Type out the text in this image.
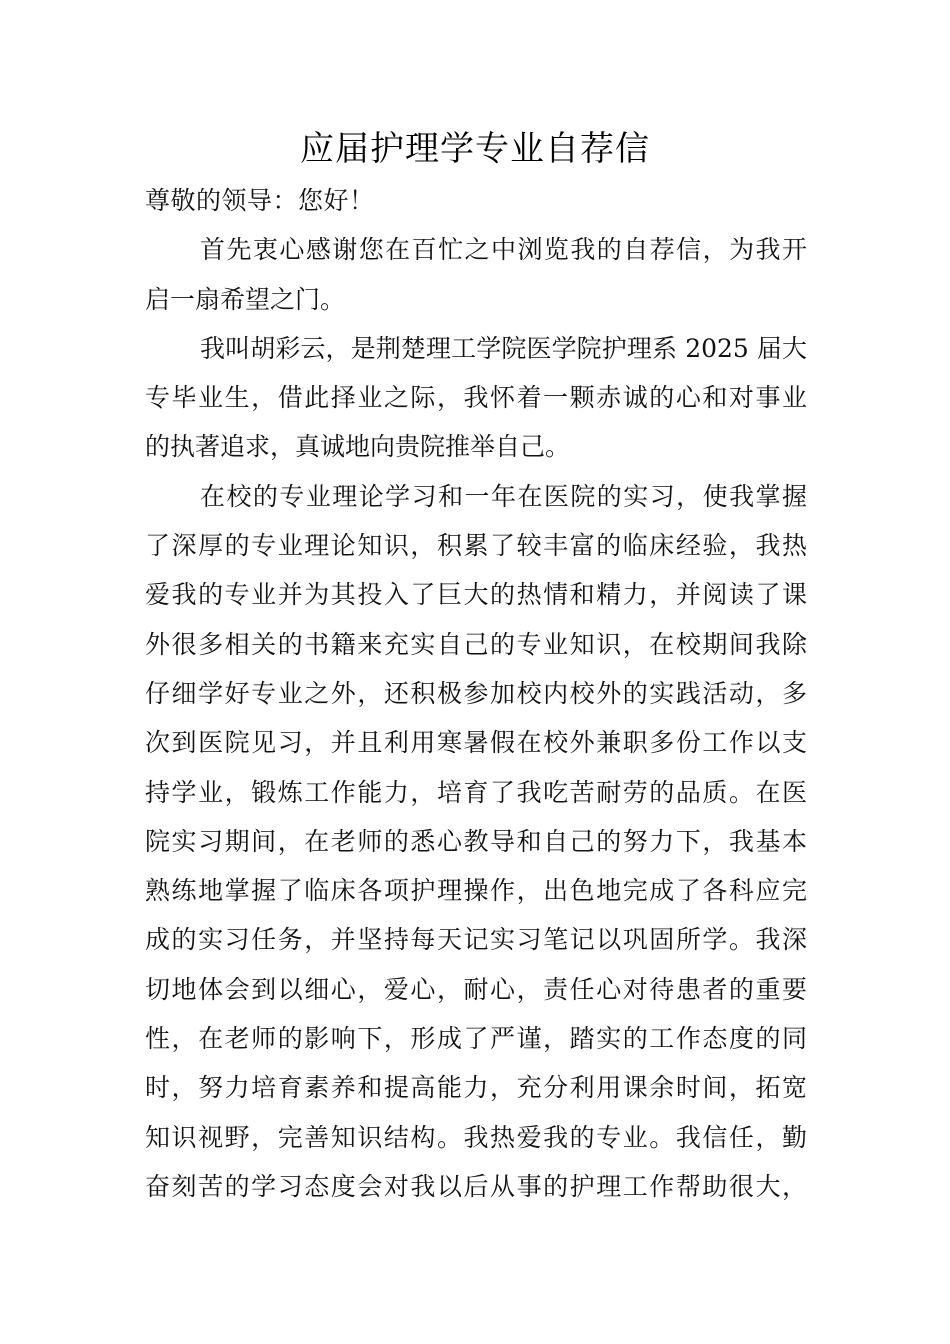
应届护理学专业自荐信
尊敬的领导：您好！
首先衷心感谢您在百忙之中浏览我的自荐信，为我开
启一扇希望之门。
我叫胡彩云，是荆楚理工学院医学院护理系 2025 届大
专毕业生，借此择业之际，我怀着一颗赤诚的心和对事业
的执著追求，真诚地向贵院推举自己。
在校的专业理论学习和一年在医院的实习，使我掌握
了深厚的专业理论知识，积累了较丰富的临床经验，我热
爱我的专业并为其投入了巨大的热情和精力，并阅读了课
外很多相关的书籍来充实自己的专业知识，在校期间我除
仔细学好专业之外，还积极参加校内校外的实践活动，多
次到医院见习，并且利用寒暑假在校外兼职多份工作以支
持学业，锻炼工作能力，培育了我吃苦耐劳的品质。在医
院实习期间，在老师的悉心教导和自己的努力下，我基本
熟练地掌握了临床各项护理操作，出色地完成了各科应完
成的实习任务，并坚持每天记实习笔记以巩固所学。我深
切地体会到以细心，爱心，耐心，责任心对待患者的重要
性，在老师的影响下，形成了严谨，踏实的工作态度的同
时，努力培育素养和提高能力，充分利用课余时间，拓宽
知识视野，完善知识结构。我热爱我的专业。我信任，勤
奋刻苦的学习态度会对我以后从事的护理工作帮助很大，
